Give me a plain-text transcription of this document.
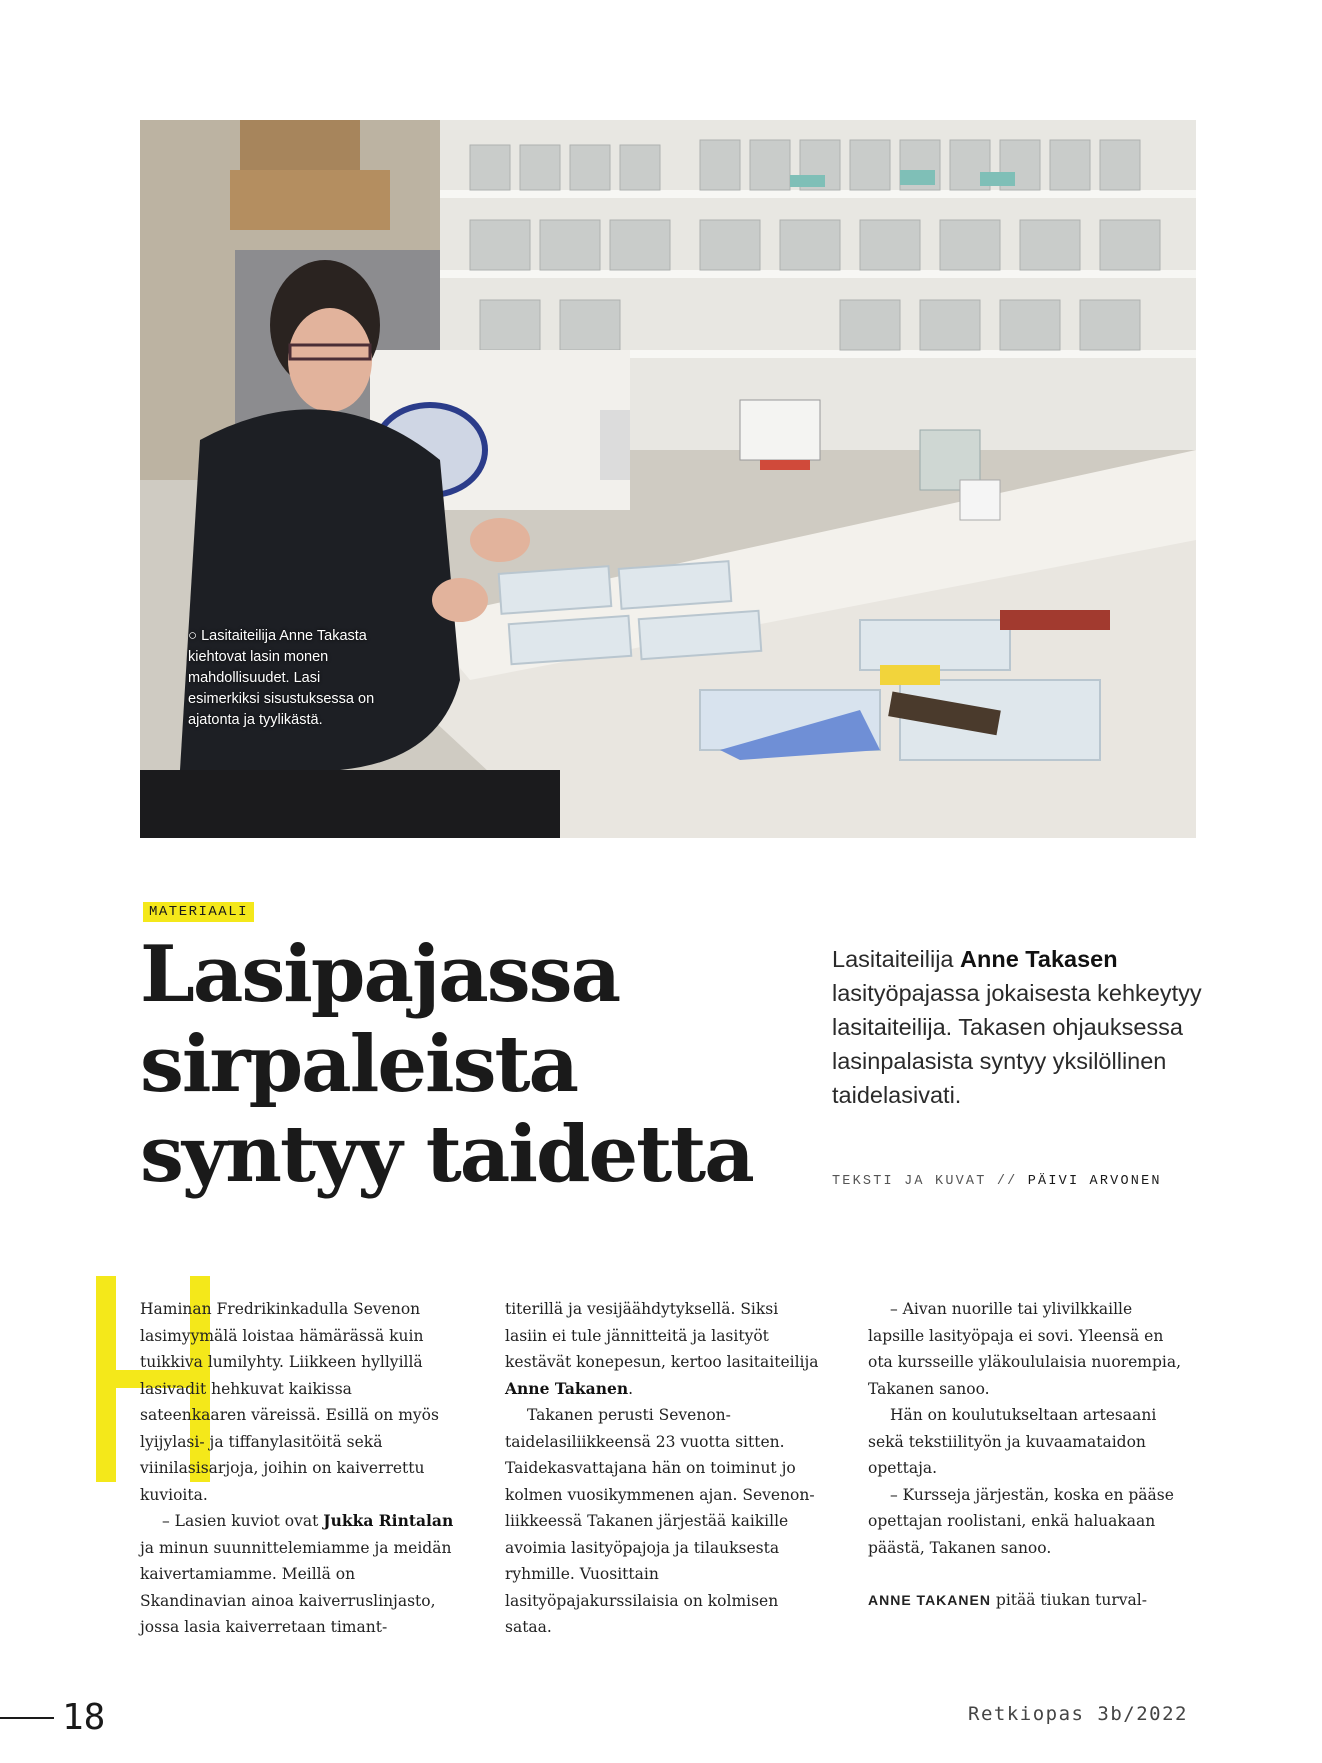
○ Lasitaiteilija Anne Takasta kiehtovat lasin monen mahdollisuudet. Lasi esimerkiksi sisustuksessa on ajatonta ja tyylikästä.
MATERIAALI
Lasipajassa
sirpaleista
syntyy taidetta

Lasitaiteilija Anne Takasen lasityöpajassa jokaisesta kehkeytyy lasitaiteilija. Takasen ohjauksessa lasinpalasista syntyy yksilöllinen taidelasivati.

TEKSTI JA KUVAT // PÄIVI ARVONEN

Haminan Fredrikinkadulla Sevenon lasimyymälä loistaa hämärässä kuin tuikkiva lumilyhty. Liikkeen hyllyillä lasivadit hehkuvat kaikissa sateenkaaren väreissä. Esillä on myös lyijylasi- ja tiffanylasitöitä sekä viinilasisarjoja, joihin on kaiverrettu kuvioita.

– Lasien kuviot ovat Jukka Rintalan ja minun suunnittelemiamme ja meidän kaivertamiamme. Meillä on Skandinavian ainoa kaiverruslinjasto, jossa lasia kaiverretaan timant-

titerillä ja vesijäähdytyksellä. Siksi lasiin ei tule jännitteitä ja lasityöt kestävät konepesun, kertoo lasitaiteilija Anne Takanen.

Takanen perusti Sevenon-taidelasiliikkeensä 23 vuotta sitten. Taidekasvattajana hän on toiminut jo kolmen vuosikymmenen ajan. Sevenon-liikkeessä Takanen järjestää kaikille avoimia lasityöpajoja ja tilauksesta ryhmille. Vuosittain lasityöpajakurssilaisia on kolmisen sataa.

– Aivan nuorille tai ylivilkkaille lapsille lasityöpaja ei sovi. Yleensä en ota kursseille yläkoululaisia nuorempia, Takanen sanoo.

Hän on koulutukseltaan artesaani sekä tekstiilityön ja kuvaamataidon opettaja.

– Kursseja järjestän, koska en pääse opettajan roolistani, enkä haluakaan päästä, Takanen sanoo.

ANNE TAKANEN pitää tiukan turval-

18	Retkiopas 3b/2022
